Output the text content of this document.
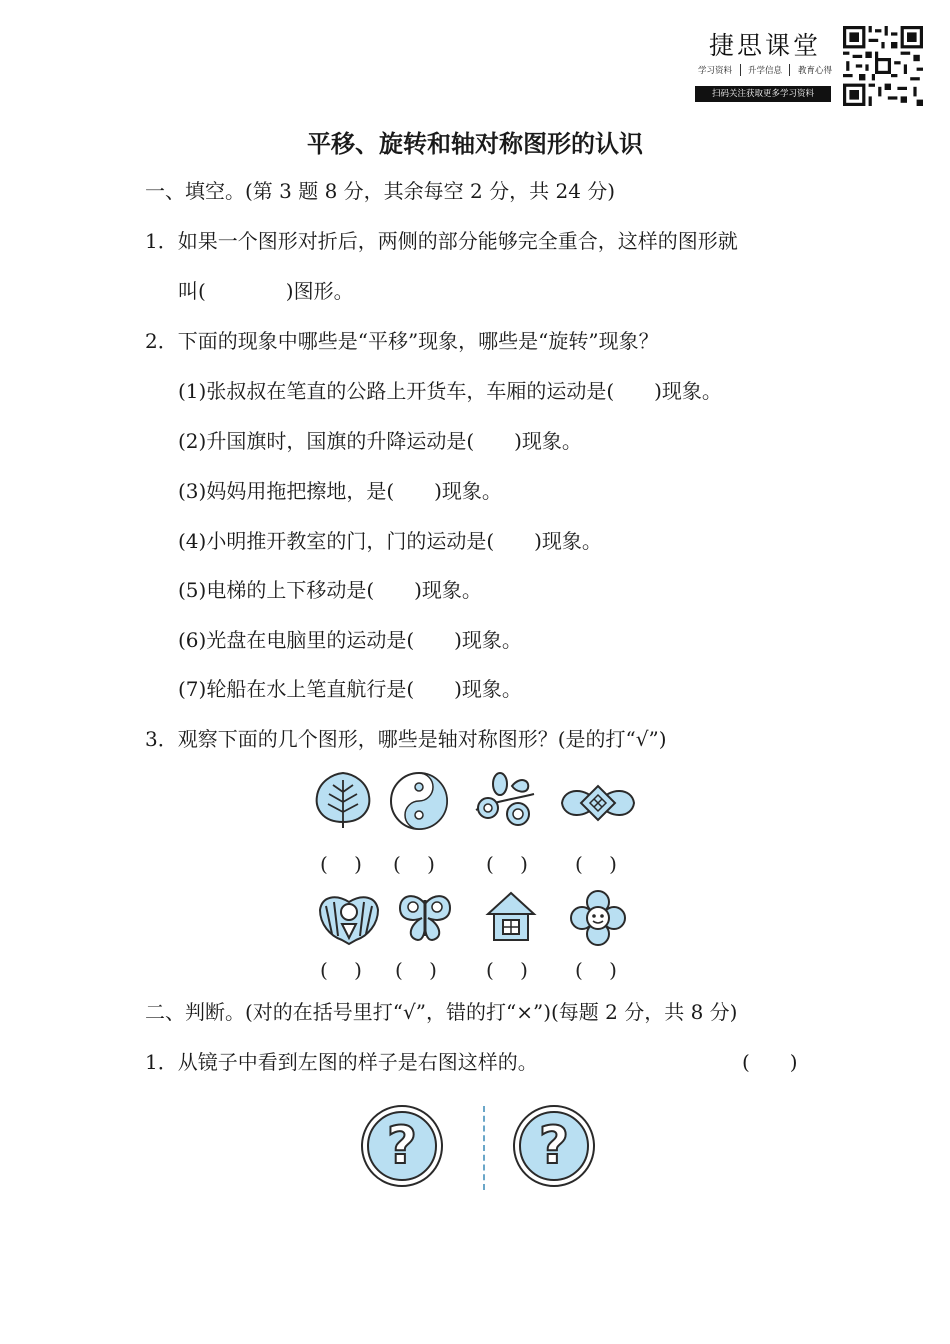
捷思课堂
学习资料	升学信息	教育心得
扫码关注获取更多学习资料
平移、旋转和轴对称图形的认识
一、填空。(第 3 题 8 分，其余每空 2 分，共 24 分)
1．如果一个图形对折后，两侧的部分能够完全重合，这样的图形就
叫(　　　　)图形。
2．下面的现象中哪些是“平移”现象，哪些是“旋转”现象？
(1)张叔叔在笔直的公路上开货车，车厢的运动是(　　)现象。
(2)升国旗时，国旗的升降运动是(　　)现象。
(3)妈妈用拖把擦地，是(　　)现象。
(4)小明推开教室的门，门的运动是(　　)现象。
(5)电梯的上下移动是(　　)现象。
(6)光盘在电脑里的运动是(　　)现象。
(7)轮船在水上笔直航行是(　　)现象。
3．观察下面的几个图形，哪些是轴对称图形？(是的打“√”)
(　 ) (　 )	(　 ) (　 )
(　 ) (　 ) (　 ) (　 )
二、判断。(对的在括号里打“√”，错的打“×”)(每题 2 分，共 8 分)
1．从镜子中看到左图的样子是右图这样的。	(　　)
?	?
